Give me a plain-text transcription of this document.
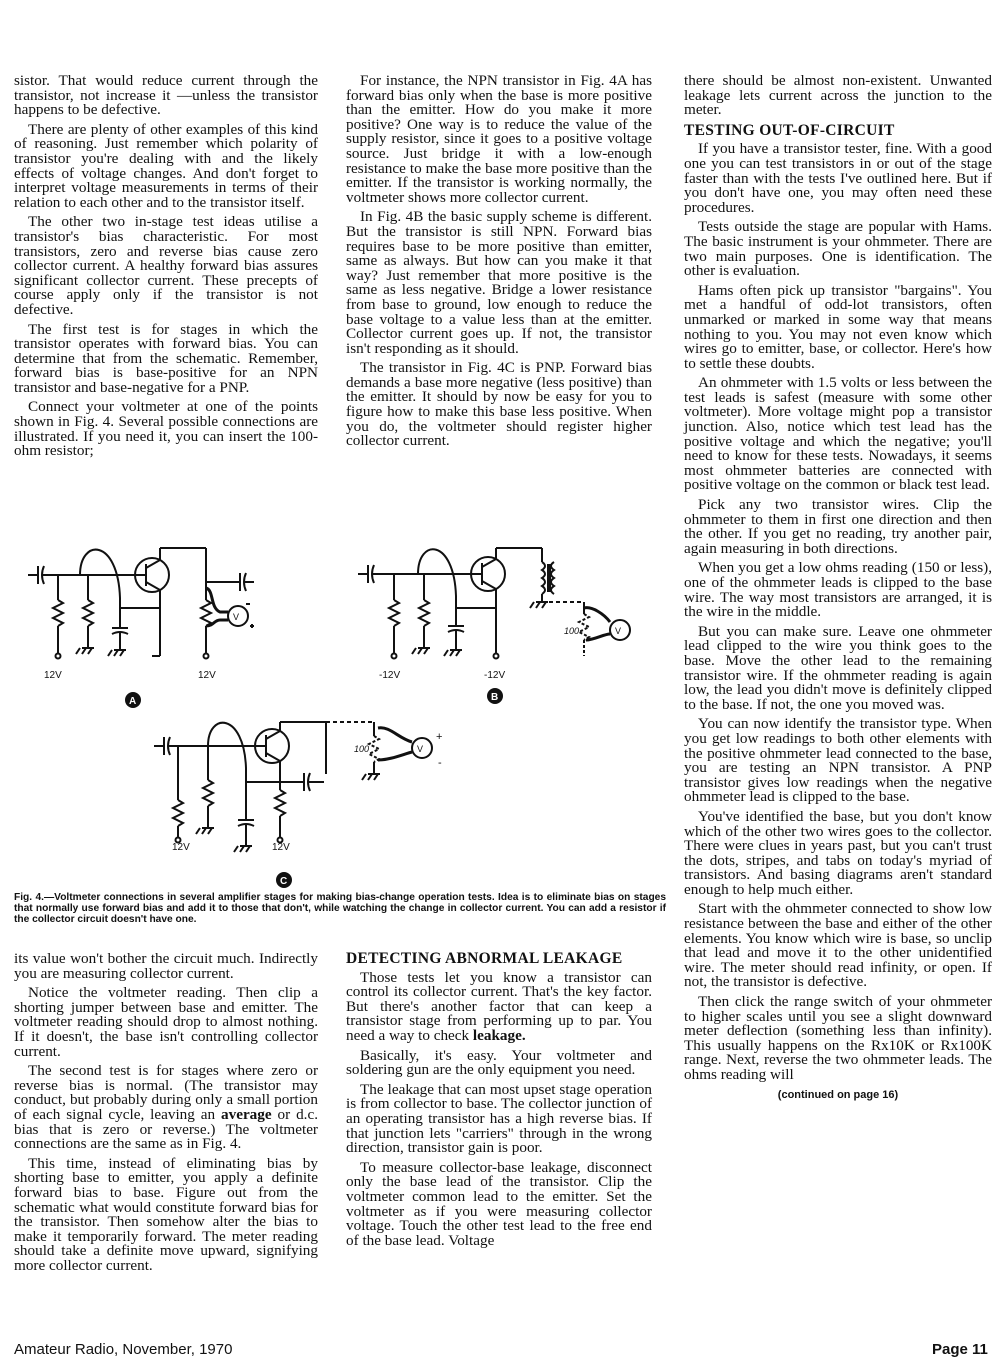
sistor. That would reduce current through the transistor, not increase it —unless the transistor happens to be defective.

There are plenty of other examples of this kind of reasoning. Just remember which polarity of transistor you're dealing with and the likely effects of voltage changes. And don't forget to interpret voltage measurements in terms of their relation to each other and to the transistor itself.

The other two in-stage test ideas utilise a transistor's bias characteristic. For most transistors, zero and reverse bias cause zero collector current. A healthy forward bias assures significant collector current. These precepts of course apply only if the transistor is not defective.

The first test is for stages in which the transistor operates with forward bias. You can determine that from the schematic. Remember, forward bias is base-positive for an NPN transistor and base-negative for a PNP.

Connect your voltmeter at one of the points shown in Fig. 4. Several possible connections are illustrated. If you need it, you can insert the 100-ohm resistor;

For instance, the NPN transistor in Fig. 4A has forward bias only when the base is more positive than the emitter. How do you make it more positive? One way is to reduce the value of the supply resistor, since it goes to a positive voltage source. Just bridge it with a low-enough resistance to make the base more positive than the emitter. If the transistor is working normally, the voltmeter shows more collector current.

In Fig. 4B the basic supply scheme is different. But the transistor is still NPN. Forward bias requires base to be more positive than emitter, same as always. But how can you make it that way? Just remember that more positive is the same as less negative. Bridge a lower resistance from base to ground, low enough to reduce the base voltage to a value less than at the emitter. Collector current goes up. If not, the transistor isn't responding as it should.

The transistor in Fig. 4C is PNP. Forward bias demands a base more negative (less positive) than the emitter. It should by now be easy for you to figure how to make this base less positive. When you do, the voltmeter should register higher collector current.

there should be almost non-existent. Unwanted leakage lets current across the junction to the meter.

TESTING OUT-OF-CIRCUIT

If you have a transistor tester, fine. With a good one you can test transistors in or out of the stage faster than with the tests I've outlined here. But if you don't have one, you may often need these procedures.

Tests outside the stage are popular with Hams. The basic instrument is your ohmmeter. There are two main purposes. One is identification. The other is evaluation.

Hams often pick up transistor "bargains". You met a handful of odd-lot transistors, often unmarked or marked in some way that means nothing to you. You may not even know which wires go to emitter, base, or collector. Here's how to settle these doubts.

An ohmmeter with 1.5 volts or less between the test leads is safest (measure with some other voltmeter). More voltage might pop a transistor junction. Also, notice which test lead has the positive voltage and which the negative; you'll need to know for these tests. Nowadays, it seems most ohmmeter batteries are connected with positive voltage on the common or black test lead.

Pick any two transistor wires. Clip the ohmmeter to them in first one direction and then the other. If you get no reading, try another pair, again measuring in both directions.

When you get a low ohms reading (150 or less), one of the ohmmeter leads is clipped to the base wire. The way most transistors are arranged, it is the wire in the middle.

But you can make sure. Leave one ohmmeter lead clipped to the wire you think goes to the base. Move the other lead to the remaining transistor wire. If the ohmmeter reading is again low, the lead you didn't move is definitely clipped to the base. If not, the one you moved was.

You can now identify the transistor type. When you get low readings to both other elements with the positive ohmmeter lead connected to the base, you are testing an NPN transistor. A PNP transistor gives low readings when the negative ohmmeter lead is clipped to the base.

You've identified the base, but you don't know which of the other two wires goes to the collector. There were clues in years past, but you can't trust the dots, stripes, and tabs on today's myriad of transistors. And basing diagrams aren't standard enough to help much either.

Start with the ohmmeter connected to show low resistance between the base and either of the other elements. You know which wire is base, so unclip that lead and move it to the other unidentified wire. The meter should read infinity, or open. If not, the transistor is defective.

Then click the range switch of your ohmmeter to higher scales until you see a slight downward meter deflection (something less than infinity). This usually happens on the Rx10K or Rx100K range. Next, reverse the two ohmmeter leads. The ohms reading will

(continued on page 16)

12V	12V
V
A
-12V	-12V
100	V
B
12V	12V
100	V
+
-
C
Fig. 4.—Voltmeter connections in several amplifier stages for making bias-change operation tests. Idea is to eliminate bias on stages that normally use forward bias and add it to those that don't, while watching the change in collector current. You can add a resistor if the collector circuit doesn't have one.

its value won't bother the circuit much. Indirectly you are measuring collector current.

Notice the voltmeter reading. Then clip a shorting jumper between base and emitter. The voltmeter reading should drop to almost nothing. If it doesn't, the base isn't controlling collector current.

The second test is for stages where zero or reverse bias is normal. (The transistor may conduct, but probably during only a small portion of each signal cycle, leaving an average or d.c. bias that is zero or reverse.) The voltmeter connections are the same as in Fig. 4.

This time, instead of eliminating bias by shorting base to emitter, you apply a definite forward bias to base. Figure out from the schematic what would constitute forward bias for the transistor. Then somehow alter the bias to make it temporarily forward. The meter reading should take a definite move upward, signifying more collector current.

DETECTING ABNORMAL LEAKAGE

Those tests let you know a transistor can control its collector current. That's the key factor. But there's another factor that can keep a transistor stage from performing up to par. You need a way to check leakage.

Basically, it's easy. Your voltmeter and soldering gun are the only equipment you need.

The leakage that can most upset stage operation is from collector to base. The collector junction of an operating transistor has a high reverse bias. If that junction lets "carriers" through in the wrong direction, transistor gain is poor.

To measure collector-base leakage, disconnect only the base lead of the transistor. Clip the voltmeter common lead to the emitter. Set the voltmeter as if you were measuring collector voltage. Touch the other test lead to the free end of the base lead. Voltage

Amateur Radio, November, 1970	Page 11
